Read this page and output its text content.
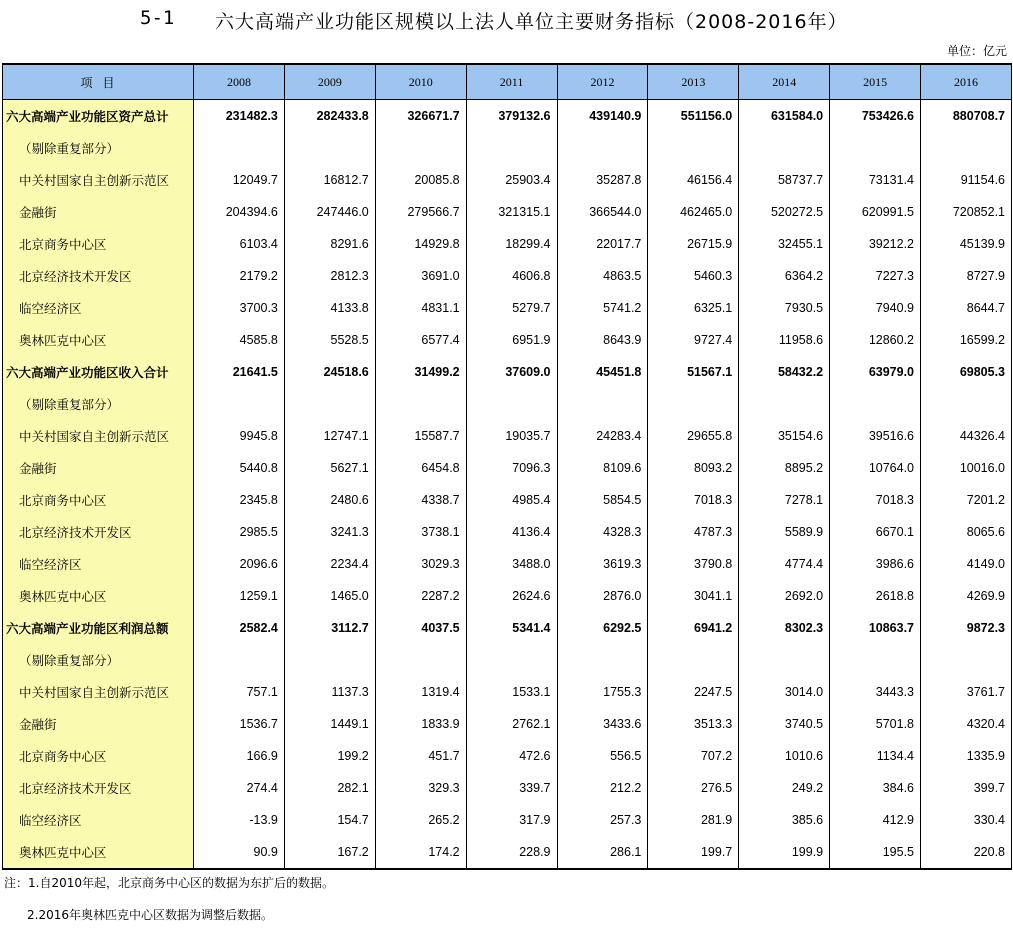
5-1 六大高端产业功能区规模以上法人单位主要财务指标（2008-2016年）
单位：亿元
项目	2008	2009	2010	2011	2012	2013	2014	2015	2016
六大高端产业功能区资产总计	231482.3	282433.8	326671.7	379132.6	439140.9	551156.0	631584.0	753426.6	880708.7
（剔除重复部分）									
中关村国家自主创新示范区	12049.7	16812.7	20085.8	25903.4	35287.8	46156.4	58737.7	73131.4	91154.6
金融街	204394.6	247446.0	279566.7	321315.1	366544.0	462465.0	520272.5	620991.5	720852.1
北京商务中心区	6103.4	8291.6	14929.8	18299.4	22017.7	26715.9	32455.1	39212.2	45139.9
北京经济技术开发区	2179.2	2812.3	3691.0	4606.8	4863.5	5460.3	6364.2	7227.3	8727.9
临空经济区	3700.3	4133.8	4831.1	5279.7	5741.2	6325.1	7930.5	7940.9	8644.7
奥林匹克中心区	4585.8	5528.5	6577.4	6951.9	8643.9	9727.4	11958.6	12860.2	16599.2
六大高端产业功能区收入合计	21641.5	24518.6	31499.2	37609.0	45451.8	51567.1	58432.2	63979.0	69805.3
（剔除重复部分）									
中关村国家自主创新示范区	9945.8	12747.1	15587.7	19035.7	24283.4	29655.8	35154.6	39516.6	44326.4
金融街	5440.8	5627.1	6454.8	7096.3	8109.6	8093.2	8895.2	10764.0	10016.0
北京商务中心区	2345.8	2480.6	4338.7	4985.4	5854.5	7018.3	7278.1	7018.3	7201.2
北京经济技术开发区	2985.5	3241.3	3738.1	4136.4	4328.3	4787.3	5589.9	6670.1	8065.6
临空经济区	2096.6	2234.4	3029.3	3488.0	3619.3	3790.8	4774.4	3986.6	4149.0
奥林匹克中心区	1259.1	1465.0	2287.2	2624.6	2876.0	3041.1	2692.0	2618.8	4269.9
六大高端产业功能区利润总额	2582.4	3112.7	4037.5	5341.4	6292.5	6941.2	8302.3	10863.7	9872.3
（剔除重复部分）									
中关村国家自主创新示范区	757.1	1137.3	1319.4	1533.1	1755.3	2247.5	3014.0	3443.3	3761.7
金融街	1536.7	1449.1	1833.9	2762.1	3433.6	3513.3	3740.5	5701.8	4320.4
北京商务中心区	166.9	199.2	451.7	472.6	556.5	707.2	1010.6	1134.4	1335.9
北京经济技术开发区	274.4	282.1	329.3	339.7	212.2	276.5	249.2	384.6	399.7
临空经济区	-13.9	154.7	265.2	317.9	257.3	281.9	385.6	412.9	330.4
奥林匹克中心区	90.9	167.2	174.2	228.9	286.1	199.7	199.9	195.5	220.8
注：1.自2010年起，北京商务中心区的数据为东扩后的数据。
2.2016年奥林匹克中心区数据为调整后数据。
